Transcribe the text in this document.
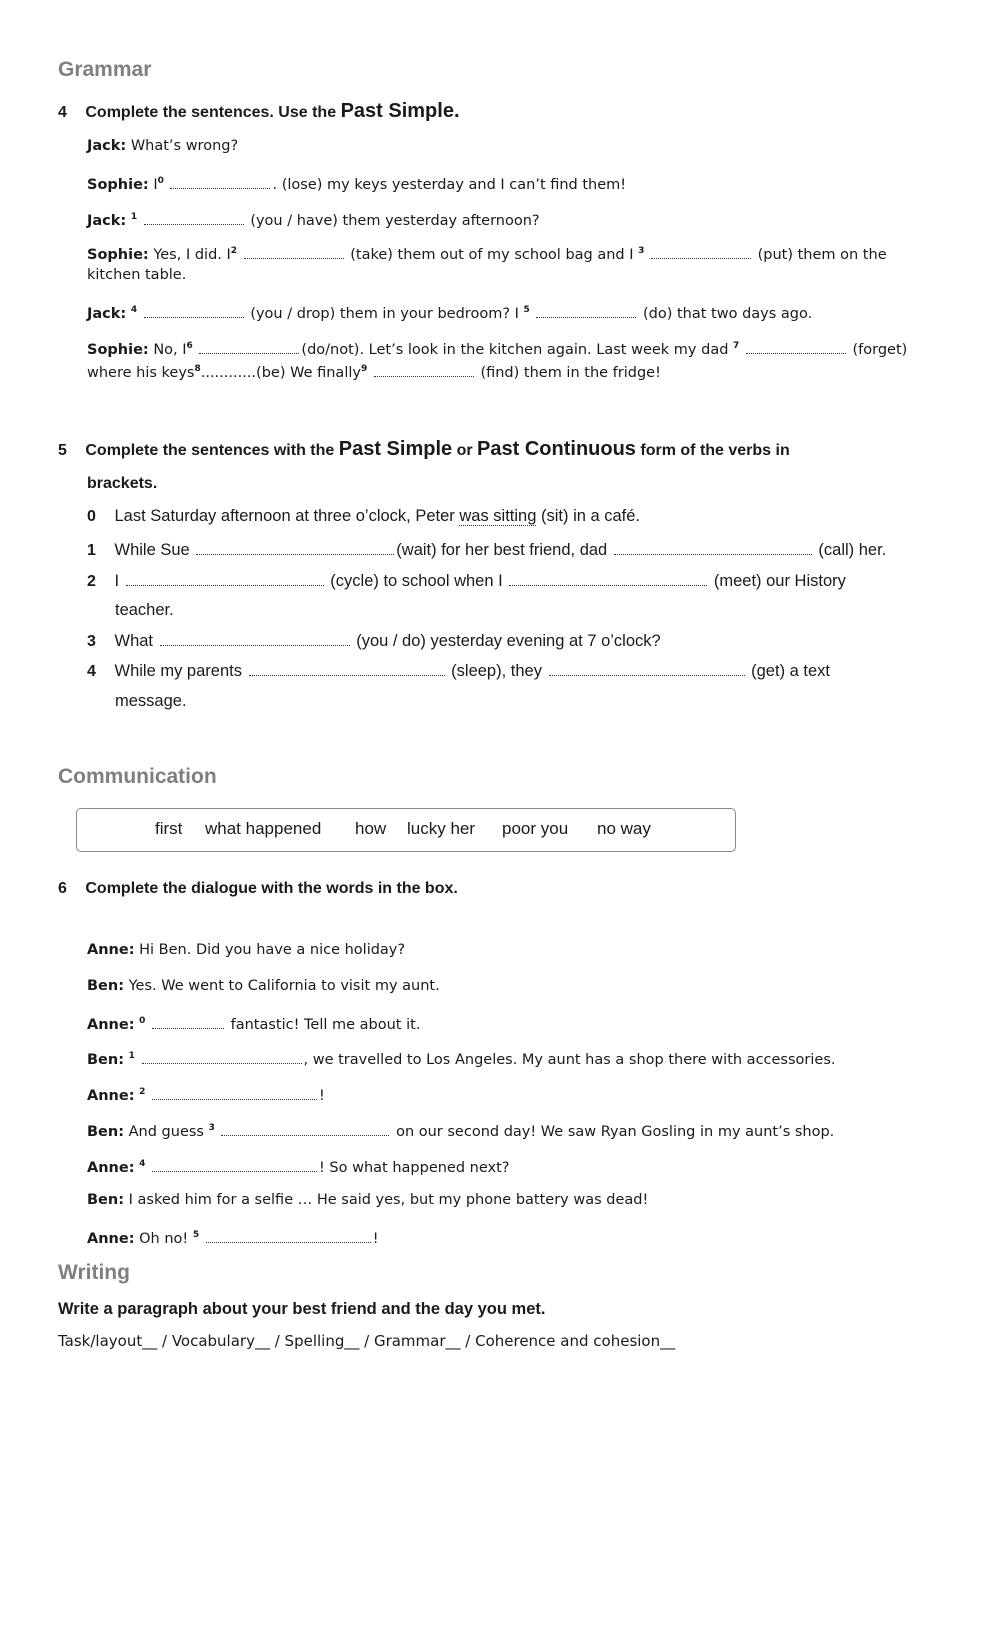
Grammar
4 Complete the sentences. Use the Past Simple.
Jack: What’s wrong?
Sophie: $I^0$	. (lose) my keys yesterday and I can’t find them!
Jack: $^1$	(you / have) them yesterday afternoon?
Sophie: Yes, I did. $I^2$	(take) them out of my school bag and I $^3$	(put) them on the
kitchen table.
Jack: $^4$	(you / drop) them in your bedroom? I $^5$	(do) that two days ago.
Sophie: No, $I^6$	(do/not). Let’s look in the kitchen again. Last week my dad $^7$	(forget)
where his keys$^8$............(be) We finally$^9$	(find) them in the fridge!
5 Complete the sentences with the Past Simple or Past Continuous form of the verbs in
brackets.
0 Last Saturday afternoon at three o’clock, Peter was sitting (sit) in a café.
1 While Sue	(wait) for her best friend, dad	(call) her.
2 I	(cycle) to school when I	(meet) our History
teacher.
3 What	(you / do) yesterday evening at 7 o’clock?
4 While my parents	(sleep), they	(get) a text
message.
Communication
first what happened how lucky her poor you no way
6 Complete the dialogue with the words in the box.
Anne: Hi Ben. Did you have a nice holiday?
Ben: Yes. We went to California to visit my aunt.
Anne: $^0$	fantastic! Tell me about it.
Ben: $^1$	, we travelled to Los Angeles. My aunt has a shop there with accessories.
Anne: $^2$	!
Ben: And guess $^3$	on our second day! We saw Ryan Gosling in my aunt’s shop.
Anne: $^4$	! So what happened next?
Ben: I asked him for a selfie … He said yes, but my phone battery was dead!
Anne: Oh no! $^5$	!
Writing
Write a paragraph about your best friend and the day you met.
Task/layout__ / Vocabulary__ / Spelling__ / Grammar__ / Coherence and cohesion__
